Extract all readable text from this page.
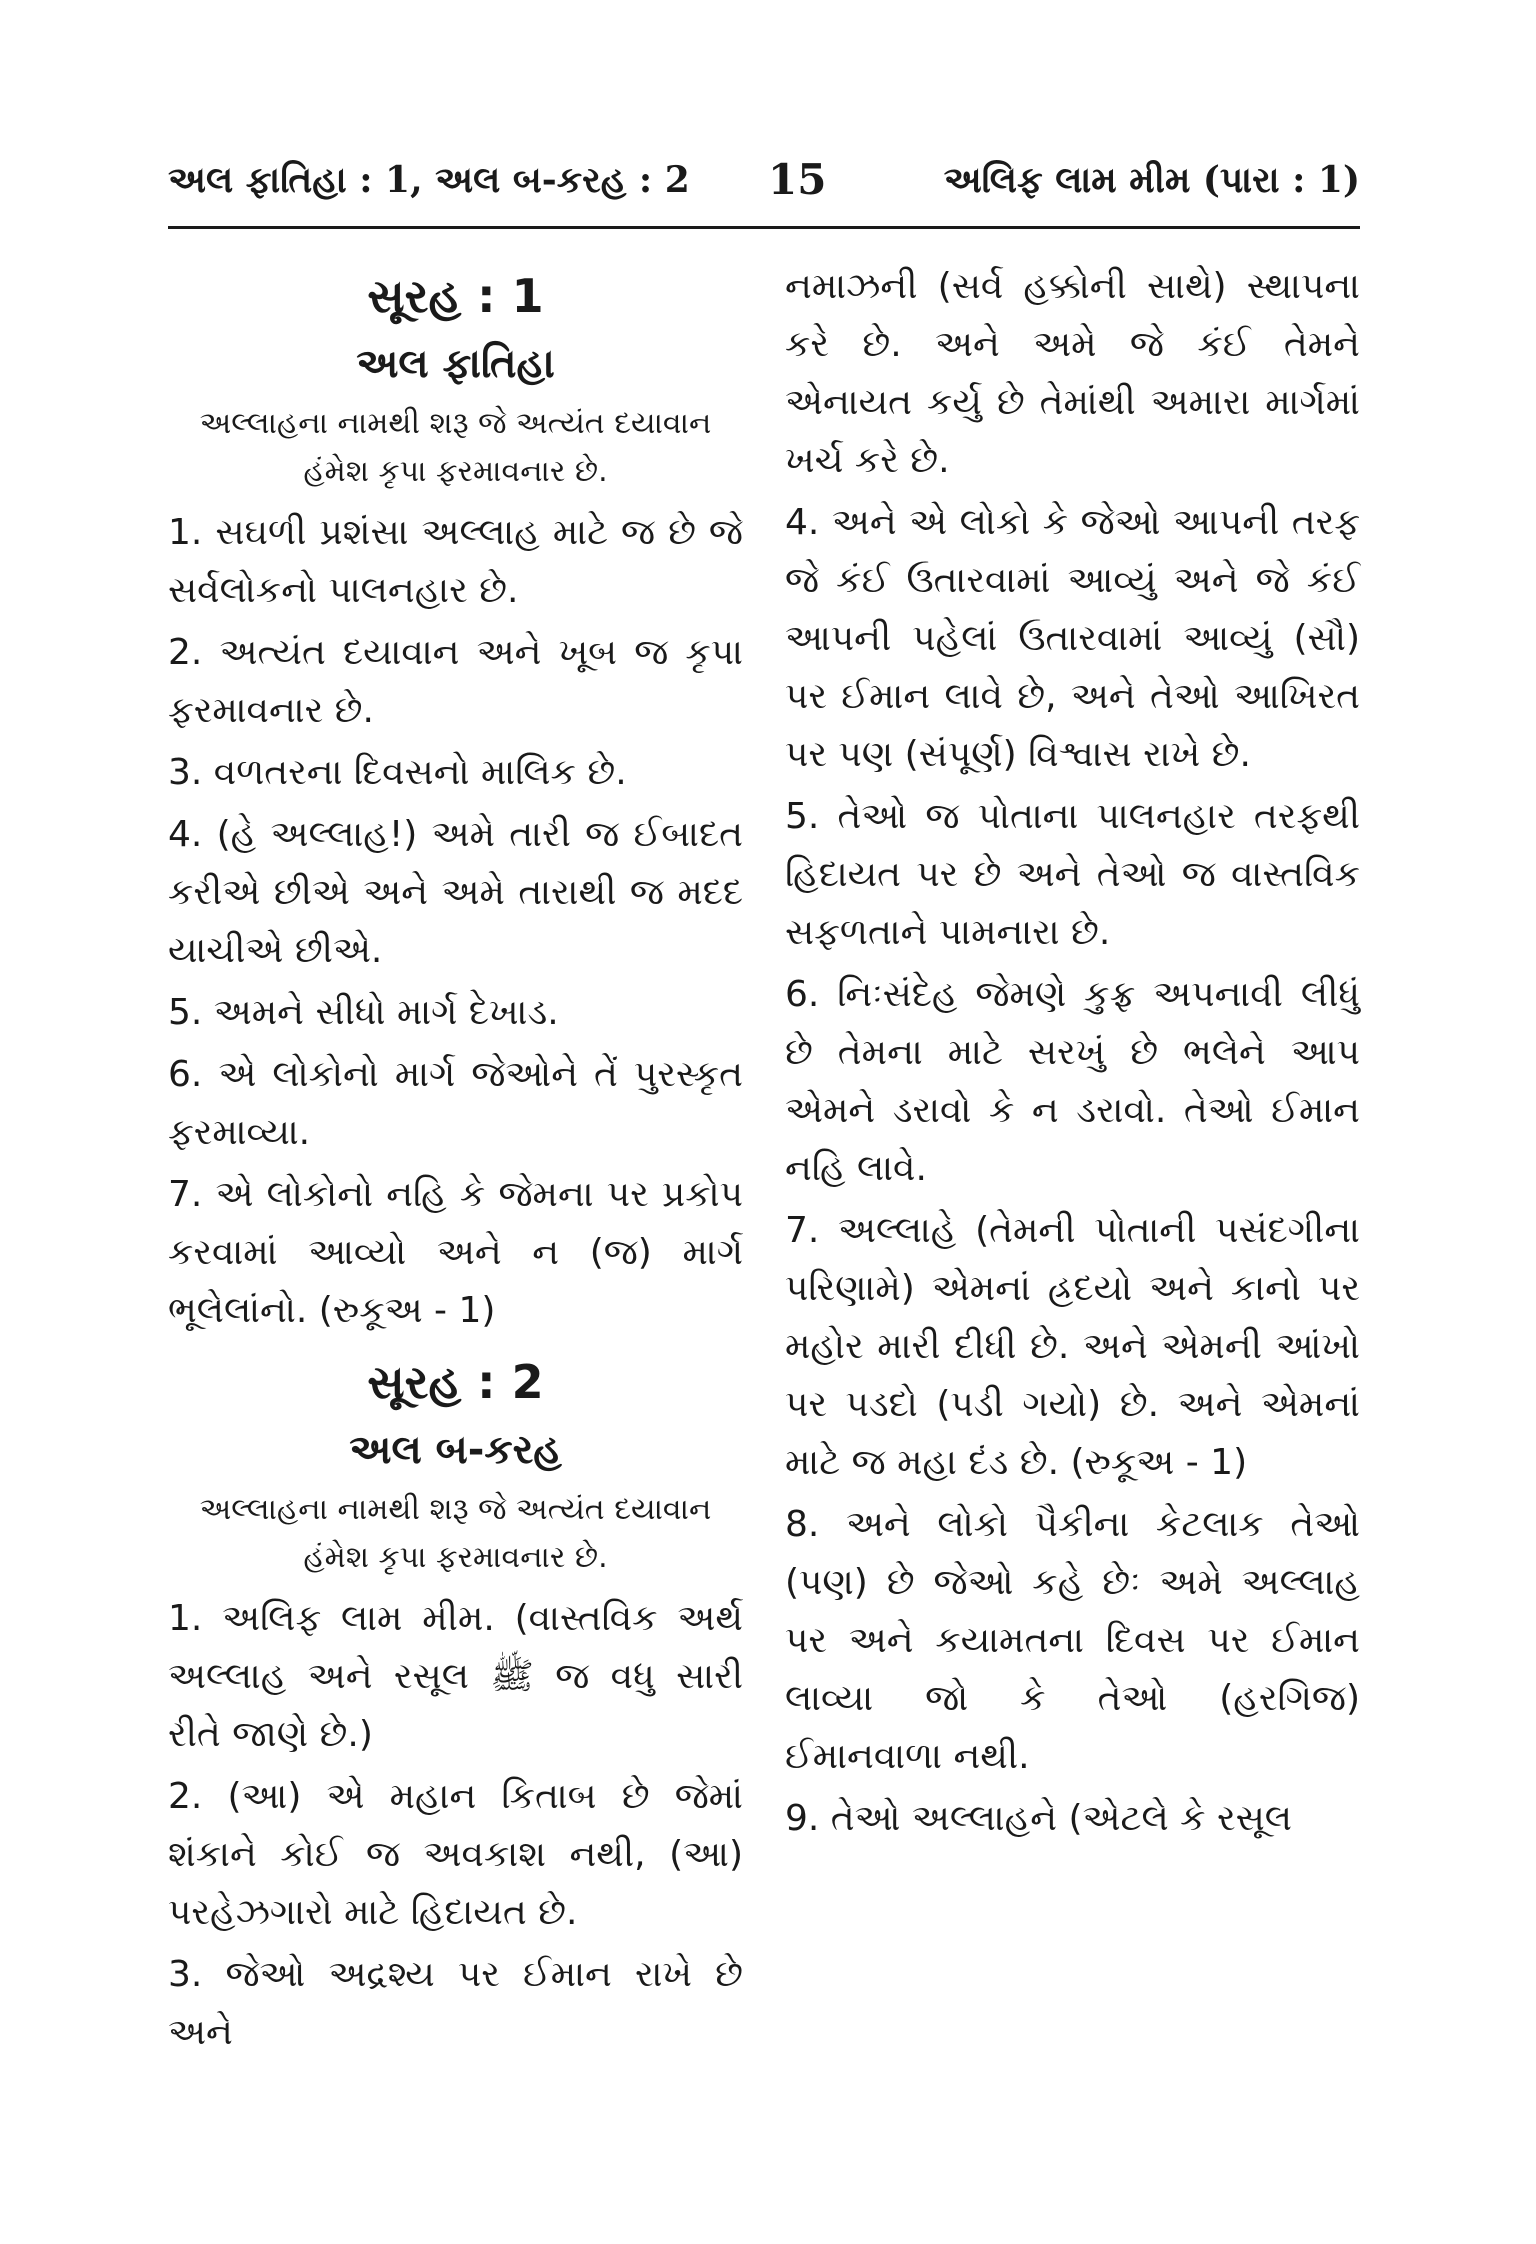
અલ ફાતિહા : 1, અલ બ-કરહ : 2 15	અલિફ લામ મીમ (પારા : 1)
સૂરહ : 1
અલ ફાતિહા
અલ્લાહના નામથી શરૂ જે અત્યંત દયાવાન
હંમેશ કૃપા ફરમાવનાર છે.

1. સઘળી પ્રશંસા અલ્લાહ માટે જ છે જે સર્વલોકનો પાલનહાર છે.

2. અત્યંત દયાવાન અને ખૂબ જ કૃપા ફરમાવનાર છે.

3. વળતરના દિવસનો માલિક છે.

4. (હે અલ્લાહ!) અમે તારી જ ઈબાદત કરીએ છીએ અને અમે તારાથી જ મદદ યાચીએ છીએ.

5. અમને સીધો માર્ગ દેખાડ.

6. એ લોકોનો માર્ગ જેઓને તેં પુરસ્કૃત ફરમાવ્યા.

7. એ લોકોનો નહિ કે જેમના પર પ્રકોપ કરવામાં આવ્યો અને ન (જ) માર્ગ ભૂલેલાંનો. (રુકૂઅ - 1)

સૂરહ : 2
અલ બ-કરહ
અલ્લાહના નામથી શરૂ જે અત્યંત દયાવાન
હંમેશ કૃપા ફરમાવનાર છે.

1. અલિફ લામ મીમ. (વાસ્તવિક અર્થ અલ્લાહ અને રસૂલ ﷺ જ વધુ સારી રીતે જાણે છે.)

2. (આ) એ મહાન કિતાબ છે જેમાં શંકાને કોઈ જ અવકાશ નથી, (આ) પરહેઝગારો માટે હિદાયત છે.

3. જેઓ અદ્રશ્ય પર ઈમાન રાખે છે અને

નમાઝની (સર્વ હક્કોની સાથે) સ્થાપના કરે છે. અને અમે જે કંઈ તેમને એનાયત કર્યુ છે તેમાંથી અમારા માર્ગમાં ખર્ચ કરે છે.

4. અને એ લોકો કે જેઓ આપની તરફ જે કંઈ ઉતારવામાં આવ્યું અને જે કંઈ આપની પહેલાં ઉતારવામાં આવ્યું (સૌ) પર ઈમાન લાવે છે, અને તેઓ આખિરત પર પણ (સંપૂર્ણ) વિશ્વાસ રાખે છે.

5. તેઓ જ પોતાના પાલનહાર તરફથી હિદાયત પર છે અને તેઓ જ વાસ્તવિક સફળતાને પામનારા છે.

6. નિઃસંદેહ જેમણે કુફ્ર અપનાવી લીધું છે તેમના માટે સરખું છે ભલેને આપ એમને ડરાવો કે ન ડરાવો. તેઓ ઈમાન નહિ લાવે.

7. અલ્લાહે (તેમની પોતાની પસંદગીના પરિણામે) એમનાં હ્રદયો અને કાનો પર મહોર મારી દીધી છે. અને એમની આંખો પર પડદો (પડી ગયો) છે. અને એમનાં માટે જ મહા દંડ છે. (રુકૂઅ - 1)

8. અને લોકો પૈકીના કેટલાક તેઓ (પણ) છે જેઓ કહે છેઃ અમે અલ્લાહ પર અને કયામતના દિવસ પર ઈમાન લાવ્યા જો કે તેઓ (હરગિજ) ઈમાનવાળા નથી.

9. તેઓ અલ્લાહને (એટલે કે રસૂલ
